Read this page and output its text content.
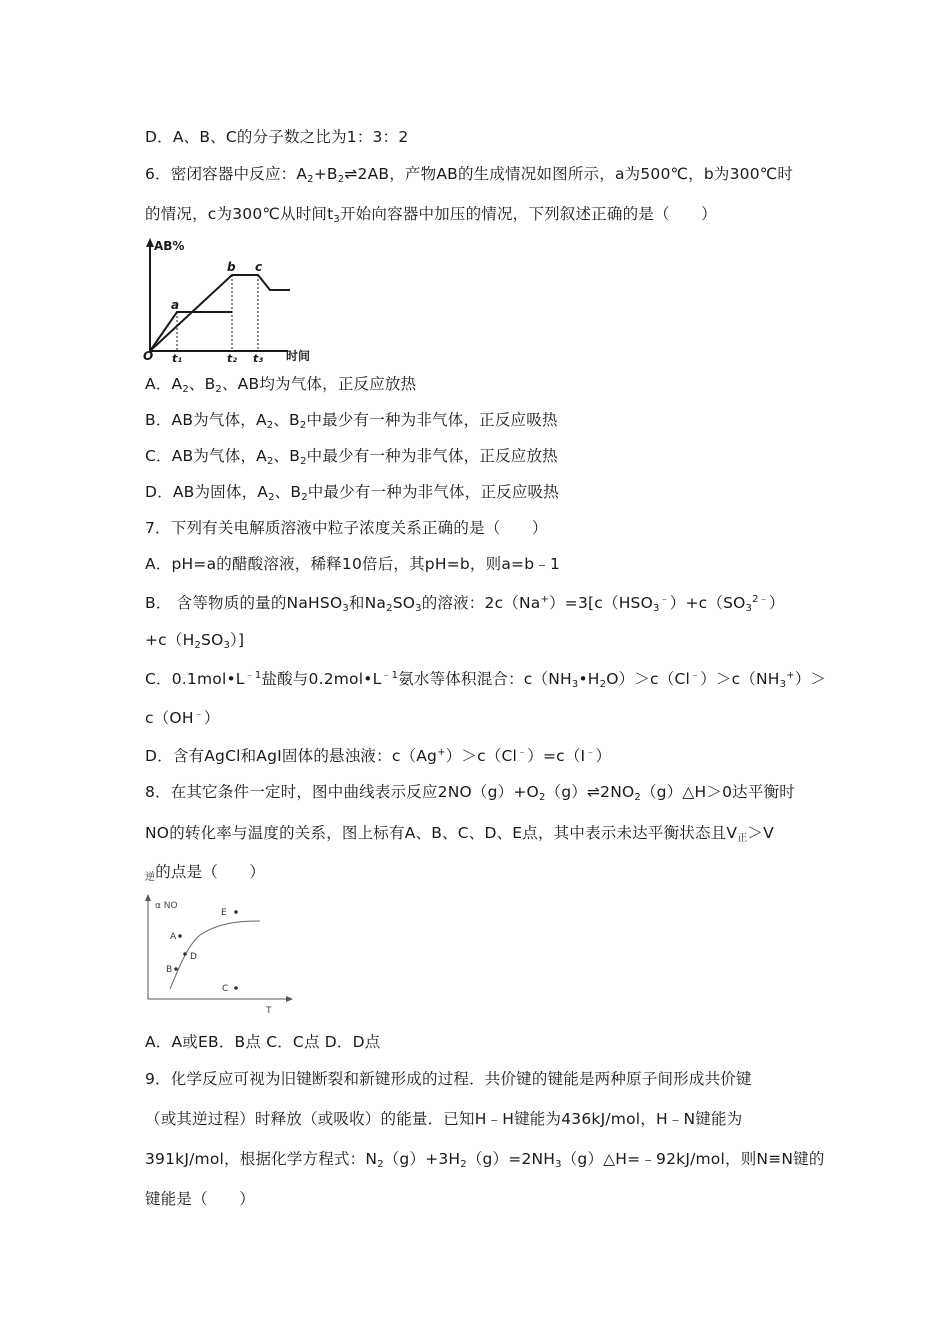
D．A、B、C的分子数之比为1：3：2
6．密闭容器中反应：$A_2+B_2\rightleftharpoons 2AB$，产物AB的生成情况如图所示，a为500℃，b为300℃时
的情况，c为300℃从时间$t_3$开始向容器中加压的情况，下列叙述正确的是（　　）
AB%
a
b c
O t₁	t₂ t₃ 时间
A．$A_2$、$B_2$、AB均为气体，正反应放热
B．AB为气体，$A_2$、$B_2$中最少有一种为非气体，正反应吸热
C．AB为气体，$A_2$、$B_2$中最少有一种为非气体，正反应放热
D．AB为固体，$A_2$、$B_2$中最少有一种为非气体，正反应吸热
7．下列有关电解质溶液中粒子浓度关系正确的是（　　）
A．pH=a的醋酸溶液，稀释10倍后，其pH=b，则a=b﹣1
B． 含等物质的量的NaHSO$_3$和$Na_2SO_3$的溶液：$2c(Na^+)=3[c(HSO_3^﹣)+c(SO_3^{2﹣})$
$+c(H_2SO_3)$]
C．$0.1mol•L^{﹣1}$盐酸与$0.2mol•L^{﹣1}$氨水等体积混合：$c(NH_3•H_2O)>c(Cl^﹣)>c(NH_3^+)>$
c（OH﹣）
D．含有AgCl和AgI固体的悬浊液：c（Ag+）＞c（Cl﹣）=c（I﹣）
8．在其它条件一定时，图中曲线表示反应$2NO(g)+O_2(g)\rightleftharpoons 2NO_2(g)\triangle H>0$达平衡时
NO的转化率与温度的关系，图上标有A、B、C、D、E点，其中表示未达平衡状态且$V_正>V$
$_逆$的点是（　　）
α NO
T
A
B
D
E
C
A．A或EB．B点 C．C点 D．D点
9．化学反应可视为旧键断裂和新键形成的过程．共价键的键能是两种原子间形成共价键
（或其逆过程）时释放（或吸收）的能量．已知H﹣H键能为436kJ/mol，H﹣N键能为
391kJ/mol，根据化学方程式：$N_2(g)+3H_2(g)=2NH_3(g)\triangle H=﹣92kJ$/mol，则N≡N键的
键能是（　　）
